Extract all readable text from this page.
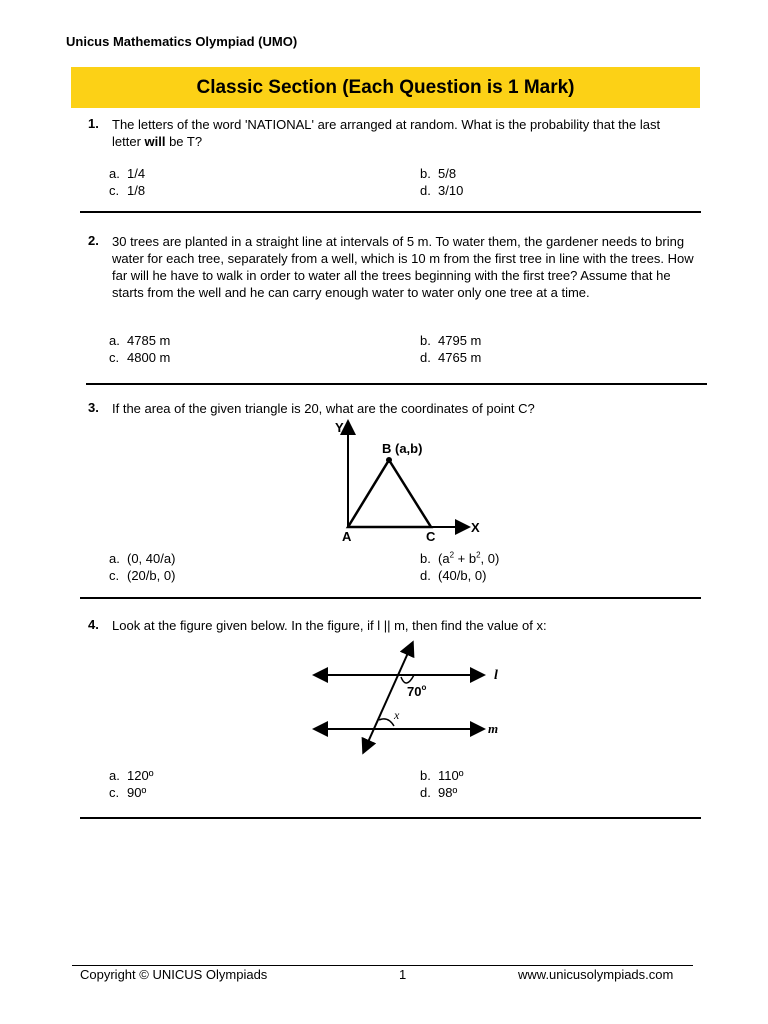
Unicus Mathematics Olympiad (UMO)
Classic Section (Each Question is 1 Mark)
1. The letters of the word 'NATIONAL' are arranged at random. What is the probability that the last letter will be T?
a. 1/4	b. 5/8
c. 1/8	d. 3/10
2. 30 trees are planted in a straight line at intervals of 5 m. To water them, the gardener needs to bring water for each tree, separately from a well, which is 10 m from the first tree in line with the trees. How far will he have to walk in order to water all the trees beginning with the first tree? Assume that he starts from the well and he can carry enough water to water only one tree at a time.
a. 4785 m	b. 4795 m
c. 4800 m	d. 4765 m
3. If the area of the given triangle is 20, what are the coordinates of point C?
Y
X
B (a,b)
A	C
a. (0, 40/a)	b. ($a^2 + b^2$, 0)
c. (20/b, 0)	d. (40/b, 0)
4. Look at the figure given below. In the figure, if l || m, then find the value of x:
l
m
70$^o$
x
a. 120º	b. 110º
c. 90º	d. 98º
Copyright © UNICUS Olympiads	1	www.unicusolympiads.com
